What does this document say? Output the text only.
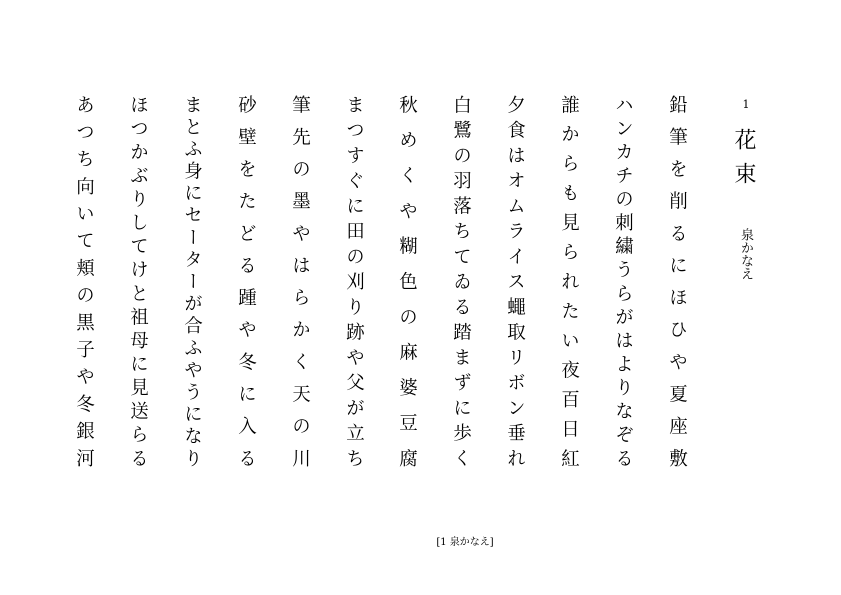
1
花束
泉かなえ
鉛筆を削るにほひや夏座敷
ハンカチの刺繍うらがはよりなぞる
誰からも見られたい夜百日紅
夕食はオムライス蠅取リボン垂れ
白鷺の羽落ちてゐる踏まずに歩く
秋めくや糊色の麻婆豆腐
まつすぐに田の刈り跡や父が立ち
筆先の墨やはらかく天の川
砂壁をたどる踵や冬に入る
まとふ身にセーターが合ふやうになり
ほつかぶりしてけと祖母に見送らる
あつち向いて頬の黒子や冬銀河
[1 泉かなえ]
